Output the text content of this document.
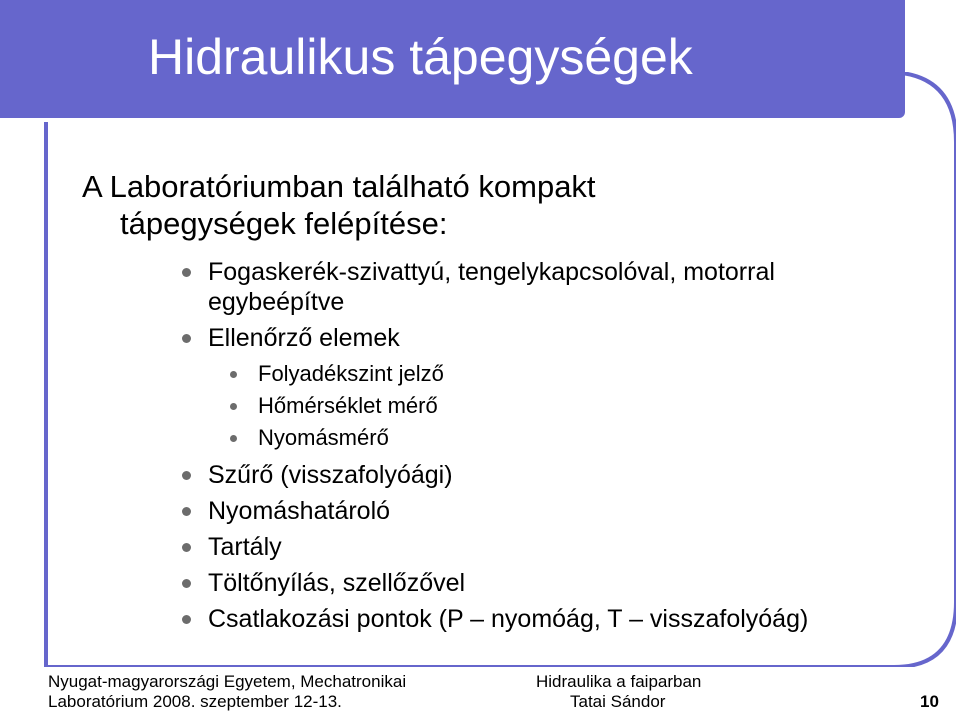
Hidraulikus tápegységek
A Laboratóriumban található kompakt
tápegységek felépítése:
Fogaskerék-szivattyú, tengelykapcsolóval, motorral
egybeépítve
Ellenőrző elemek
Folyadékszint jelző
Hőmérséklet mérő
Nyomásmérő
Szűrő (visszafolyóági)
Nyomáshatároló
Tartály
Töltőnyílás, szellőzővel
Csatlakozási pontok (P – nyomóág, T – visszafolyóág)
Nyugat-magyarországi Egyetem, Mechatronikai
Laboratórium 2008. szeptember 12-13.
Hidraulika a faiparban
Tatai Sándor	10
